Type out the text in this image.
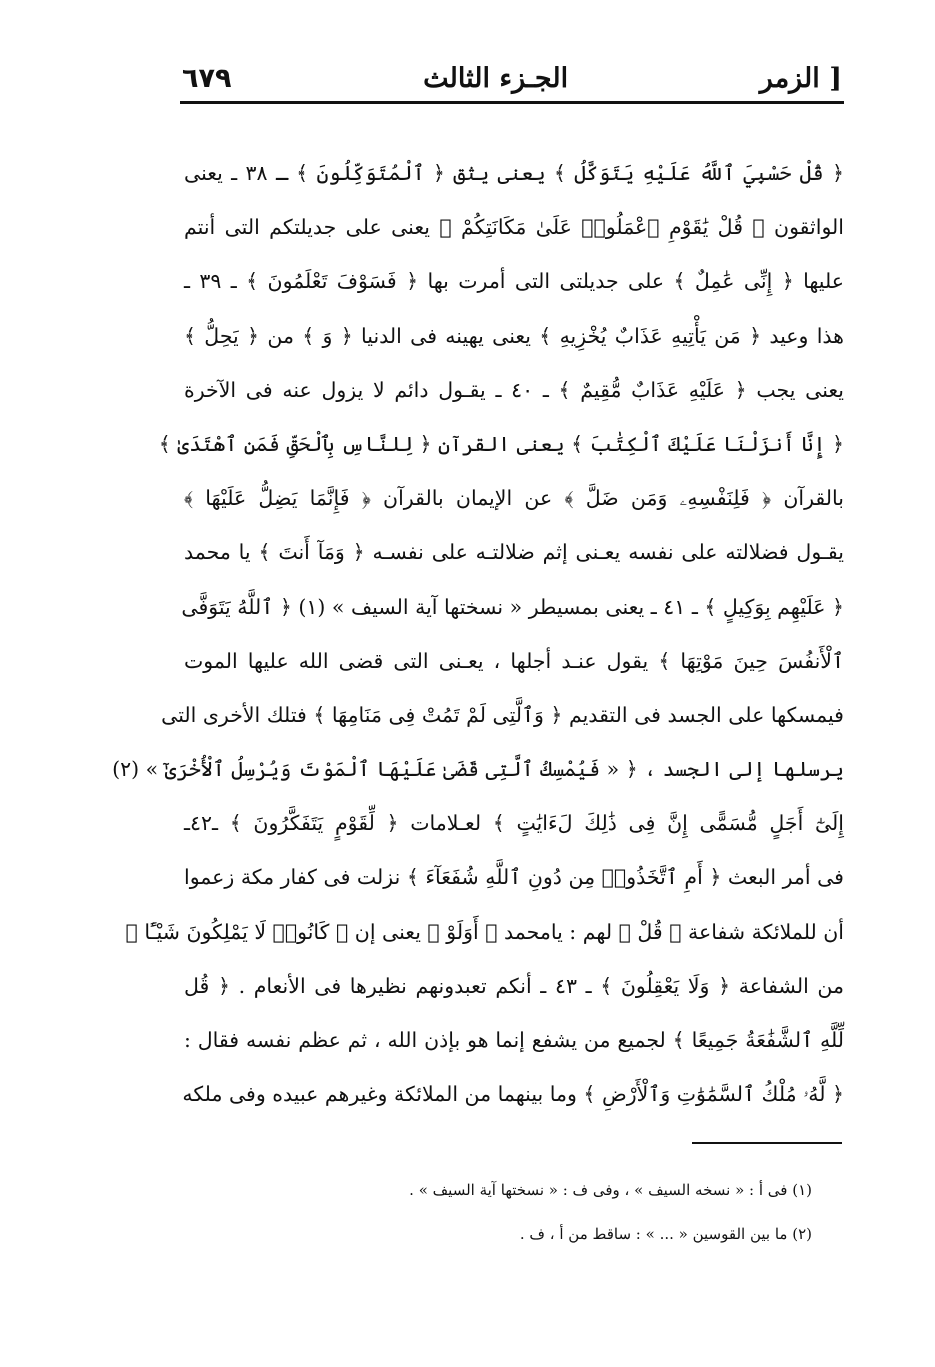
٦٧٩	الجـزء الثالث	الزمر ]
﴿ قُلْ حَسْبِيَ ٱللَّهُ عَلَيْهِ يَتَوَكَّلُ ﴾ يعنى يثق ﴿ ٱلْمُتَوَكِّلُونَ ﴾ ـ ٣٨ ـ يعنى
الواثقون ﴿ قُلْ يَٰقَوْمِ ٱعْمَلُوا۟ عَلَىٰ مَكَانَتِكُمْ ﴾ يعنى على جديلتكم التى أنتم
عليها ﴿ إِنِّى عَٰمِلٌ ﴾ على جديلتى التى أمرت بها ﴿ فَسَوْفَ تَعْلَمُونَ ﴾ ـ ٣٩ ـ
هذا وعيد ﴿ مَن يَأْتِيهِ عَذَابٌ يُخْزِيهِ ﴾ يعنى يهينه فى الدنيا ﴿ وَ ﴾ من ﴿ يَحِلُّ ﴾
يعنى يجب ﴿ عَلَيْهِ عَذَابٌ مُّقِيمٌ ﴾ ـ ٤٠ ـ يقـول دائم لا يزول عنه فى الآخرة
﴿ إِنَّا أَنزَلْنَا عَلَيْكَ ٱلْكِتَٰبَ ﴾ يعنى القرآن ﴿ لِلنَّاسِ بِٱلْحَقِّ فَمَنِ ٱهْتَدَىٰ ﴾
بالقرآن ﴿ فَلِنَفْسِهِۦ وَمَن ضَلَّ ﴾ عن الإيمان بالقرآن ﴿ فَإِنَّمَا يَضِلُّ عَلَيْهَا ﴾
يقـول فضلالته على نفسه يعـنى إثم ضلالتـه على نفسـه ﴿ وَمَآ أَنتَ ﴾ يا محمد
﴿ عَلَيْهِم بِوَكِيلٍ ﴾ ـ ٤١ ـ يعنى بمسيطر « نسختها آية السيف » (١) ﴿ ٱللَّهُ يَتَوَفَّى
ٱلْأَنفُسَ حِينَ مَوْتِهَا ﴾ يقول عنـد أجلها ، يعـنى التى قضى الله عليها الموت
فيمسكها على الجسد فى التقديم ﴿ وَٱلَّتِى لَمْ تَمُتْ فِى مَنَامِهَا ﴾ فتلك الأخرى التى
يرسلها إلى الجسد ، ﴿ « فَيُمْسِكُ ٱلَّتِى قَضَىٰ عَلَيْهَا ٱلْمَوْتَ وَيُرْسِلُ ٱلْأُخْرَىٰٓ » (٢)
إِلَىٰٓ أَجَلٍ مُّسَمًّى إِنَّ فِى ذَٰلِكَ لَءَايَٰتٍ ﴾ لعـلامات ﴿ لِّقَوْمٍ يَتَفَكَّرُونَ ﴾ ـ٤٢ـ
فى أمر البعث ﴿ أَمِ ٱتَّخَذُوا۟ مِن دُونِ ٱللَّهِ شُفَعَآءَ ﴾ نزلت فى كفار مكة زعموا
أن للملائكة شفاعة ﴿ قُلْ ﴾ لهم : يامحمد ﴿ أَوَلَوْ ﴾ يعنى إن ﴿ كَانُوا۟ لَا يَمْلِكُونَ شَيْـًٔا ﴾
من الشفاعة ﴿ وَلَا يَعْقِلُونَ ﴾ ـ ٤٣ ـ أنكم تعبدونهم نظيرها فى الأنعام . ﴿ قُل
لِّلَّهِ ٱلشَّفَٰعَةُ جَمِيعًا ﴾ لجميع من يشفع إنما هو بإذن الله ، ثم عظم نفسه فقال :
﴿ لَّهُۥ مُلْكُ ٱلسَّمَٰوَٰتِ وَٱلْأَرْضِ ﴾ وما بينهما من الملائكة وغيرهم عبيده وفى ملكه
(١) فى أ : « نسخه السيف » ، وفى ف : « نسختها آية السيف » .
(٢) ما بين القوسين « ... » : ساقط من أ ، ف .
